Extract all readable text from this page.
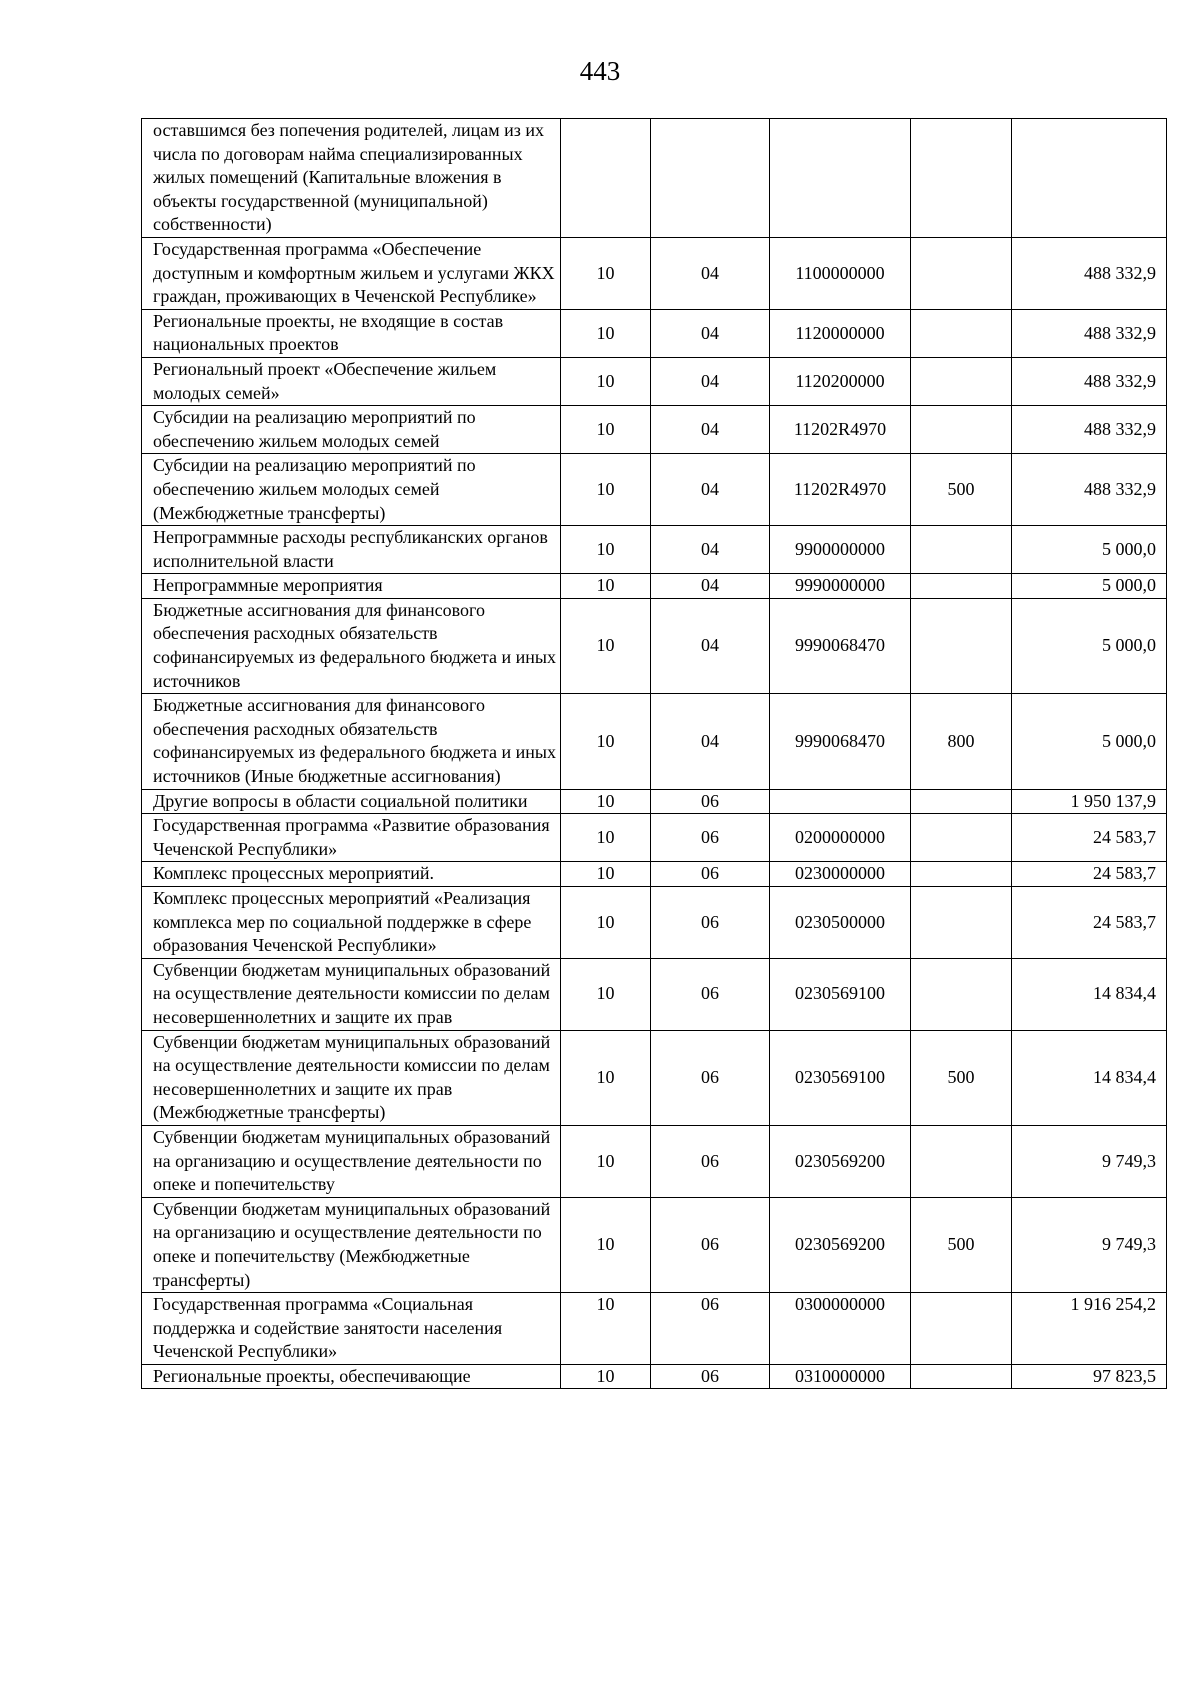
443
оставшимся без попечения родителей, лицам из их числа по договорам найма специализированных жилых помещений (Капитальные вложения в объекты государственной (муниципальной) собственности)					
Государственная программа «Обеспечение доступным и комфортным жильем и услугами ЖКХ граждан, проживающих в Чеченской Республике»	10	04	1100000000		488 332,9
Региональные проекты, не входящие в состав национальных проектов	10	04	1120000000		488 332,9
Региональный проект «Обеспечение жильем молодых семей»	10	04	1120200000		488 332,9
Субсидии на реализацию мероприятий по обеспечению жильем молодых семей	10	04	11202R4970		488 332,9
Субсидии на реализацию мероприятий по обеспечению жильем молодых семей (Межбюджетные трансферты)	10	04	11202R4970	500	488 332,9
Непрограммные расходы республиканских органов исполнительной власти	10	04	9900000000		5 000,0
Непрограммные мероприятия	10	04	9990000000		5 000,0
Бюджетные ассигнования для финансового обеспечения расходных обязательств софинансируемых из федерального бюджета и иных источников	10	04	9990068470		5 000,0
Бюджетные ассигнования для финансового обеспечения расходных обязательств софинансируемых из федерального бюджета и иных источников (Иные бюджетные ассигнования)	10	04	9990068470	800	5 000,0
Другие вопросы в области социальной политики	10	06			1 950 137,9
Государственная программа «Развитие образования Чеченской Республики»	10	06	0200000000		24 583,7
Комплекс процессных мероприятий.	10	06	0230000000		24 583,7
Комплекс процессных мероприятий «Реализация комплекса мер по социальной поддержке в сфере образования Чеченской Республики»	10	06	0230500000		24 583,7
Субвенции бюджетам муниципальных образований на осуществление деятельности комиссии по делам несовершеннолетних и защите их прав	10	06	0230569100		14 834,4
Субвенции бюджетам муниципальных образований на осуществление деятельности комиссии по делам несовершеннолетних и защите их прав (Межбюджетные трансферты)	10	06	0230569100	500	14 834,4
Субвенции бюджетам муниципальных образований на организацию и осуществление деятельности по опеке и попечительству	10	06	0230569200		9 749,3
Субвенции бюджетам муниципальных образований на организацию и осуществление деятельности по опеке и попечительству (Межбюджетные трансферты)	10	06	0230569200	500	9 749,3
Государственная программа «Социальная поддержка и содействие занятости населения Чеченской Республики»	10	06	0300000000		1 916 254,2
Региональные проекты, обеспечивающие	10	06	0310000000		97 823,5
